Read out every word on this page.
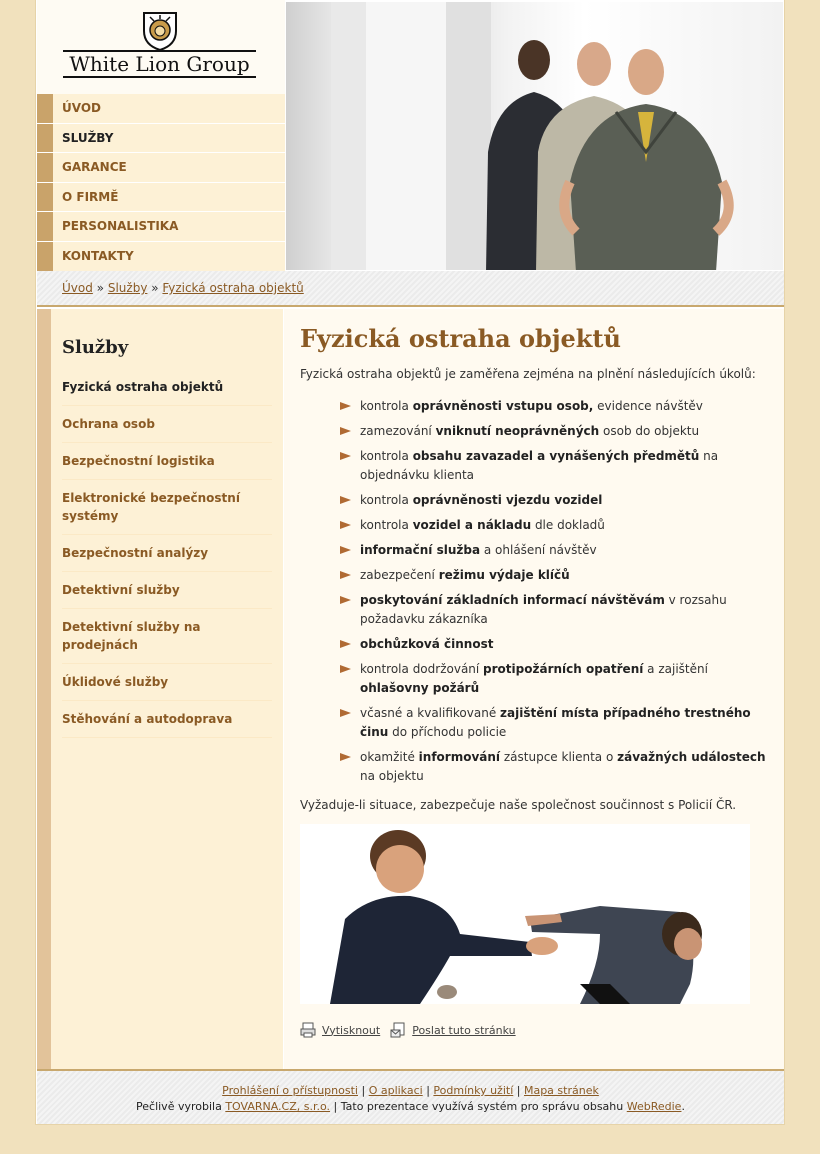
White Lion Group
ÚVOD
SLUŽBY
GARANCE
O FIRMĚ
PERSONALISTIKA
KONTAKTY
Úvod » Služby » Fyzická ostraha objektů
Služby
Fyzická ostraha objektů
Ochrana osob
Bezpečnostní logistika
Elektronické bezpečnostní systémy
Bezpečnostní analýzy
Detektivní služby
Detektivní služby na prodejnách
Úklidové služby
Stěhování a autodoprava
Fyzická ostraha objektů

Fyzická ostraha objektů je zaměřena zejména na plnění následujících úkolů:

kontrola oprávněnosti vstupu osob, evidence návštěv
zamezování vniknutí neoprávněných osob do objektu
kontrola obsahu zavazadel a vynášených předmětů na objednávku klienta
kontrola oprávněnosti vjezdu vozidel
kontrola vozidel a nákladu dle dokladů
informační služba a ohlášení návštěv
zabezpečení režimu výdaje klíčů
poskytování základních informací návštěvám v rozsahu požadavku zákazníka
obchůzková činnost
kontrola dodržování protipožárních opatření a zajištění ohlašovny požárů
včasné a kvalifikované zajištění místa případného trestného činu do příchodu policie
okamžité informování zástupce klienta o závažných událostech na objektu

Vyžaduje-li situace, zabezpečuje naše společnost součinnost s Policií ČR.

Vytisknout	Poslat tuto stránku
Prohlášení o přístupnosti | O aplikaci | Podmínky užití | Mapa stránek
Pečlivě vyrobila TOVARNA.CZ, s.r.o. | Tato prezentace využívá systém pro správu obsahu WebRedie.
